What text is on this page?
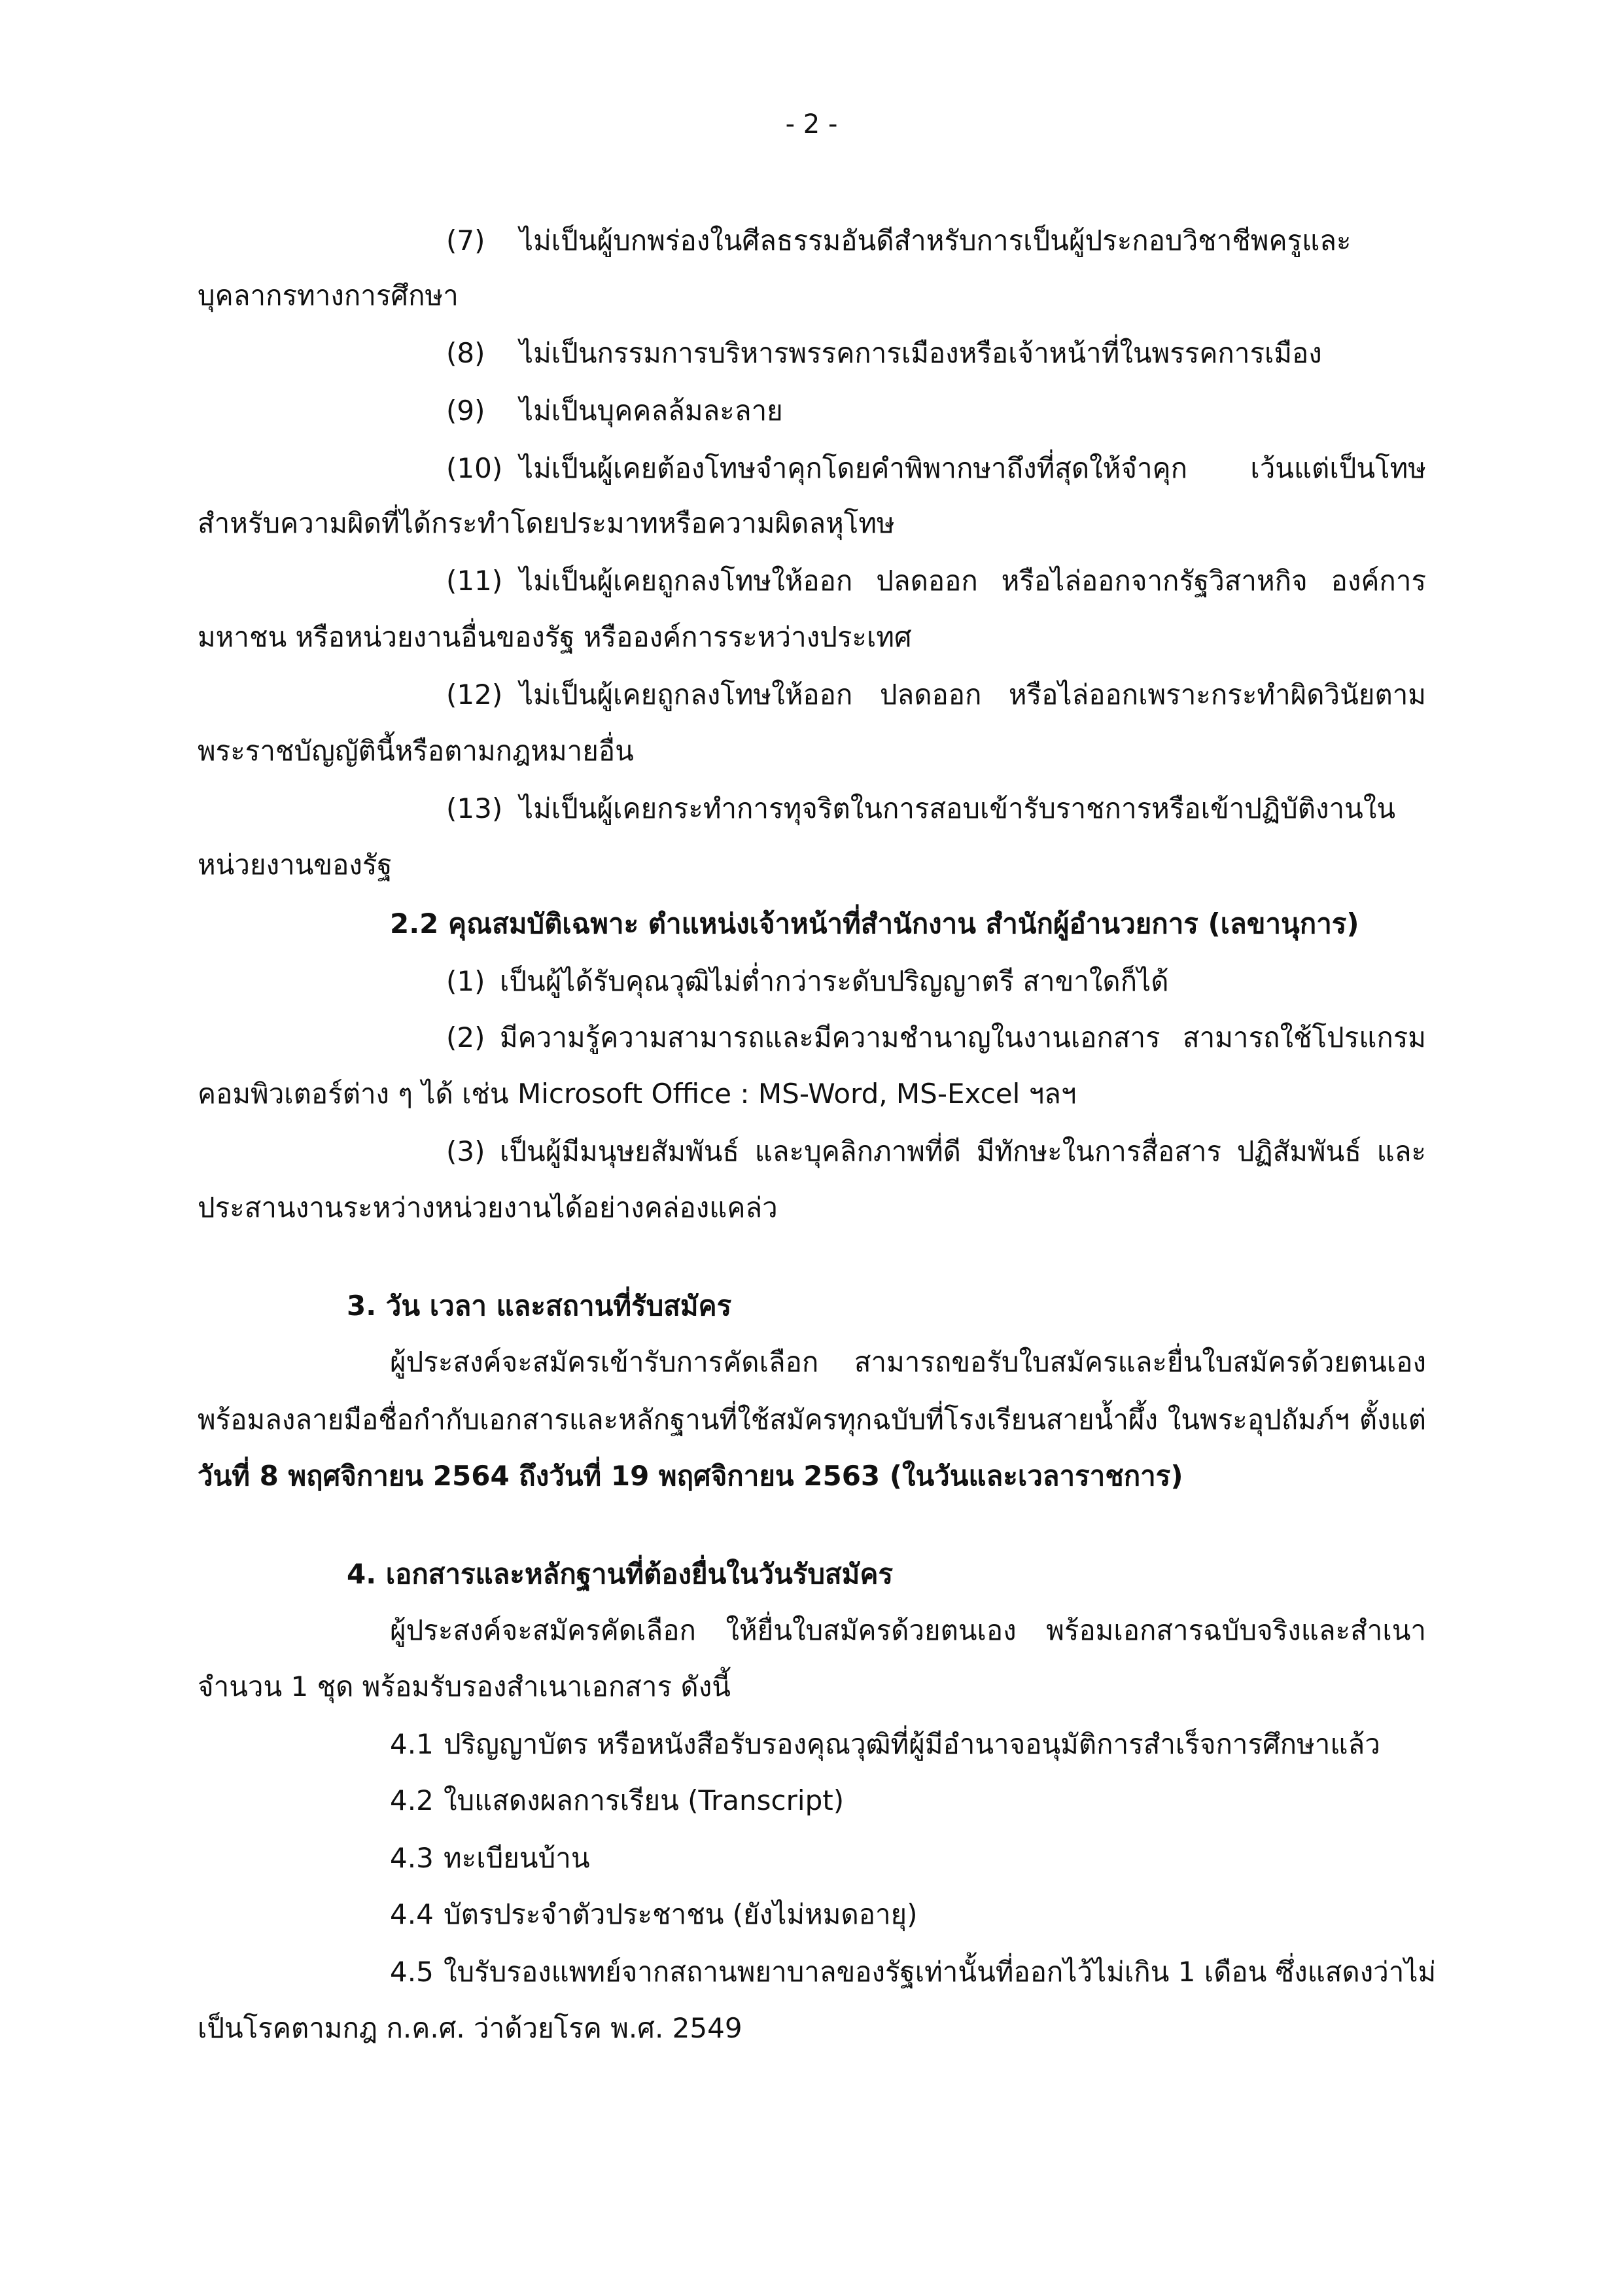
- 2 -
(7) ไม่เป็นผู้บกพร่องในศีลธรรมอันดีสำหรับการเป็นผู้ประกอบวิชาชีพครูและ
บุคลากรทางการศึกษา
(8) ไม่เป็นกรรมการบริหารพรรคการเมืองหรือเจ้าหน้าที่ในพรรคการเมือง
(9) ไม่เป็นบุคคลล้มละลาย
(10) ไม่เป็นผู้เคยต้องโทษจำคุกโดยคำพิพากษาถึงที่สุดให้จำคุก เว้นแต่เป็นโทษ
สำหรับความผิดที่ได้กระทำโดยประมาทหรือความผิดลหุโทษ
(11) ไม่เป็นผู้เคยถูกลงโทษให้ออก ปลดออก หรือไล่ออกจากรัฐวิสาหกิจ องค์การ
มหาชน หรือหน่วยงานอื่นของรัฐ หรือองค์การระหว่างประเทศ
(12) ไม่เป็นผู้เคยถูกลงโทษให้ออก ปลดออก หรือไล่ออกเพราะกระทำผิดวินัยตาม
พระราชบัญญัตินี้หรือตามกฎหมายอื่น
(13) ไม่เป็นผู้เคยกระทำการทุจริตในการสอบเข้ารับราชการหรือเข้าปฏิบัติงานใน
หน่วยงานของรัฐ
2.2 คุณสมบัติเฉพาะ ตำแหน่งเจ้าหน้าที่สำนักงาน สำนักผู้อำนวยการ (เลขานุการ)
(1) เป็นผู้ได้รับคุณวุฒิไม่ต่ำกว่าระดับปริญญาตรี สาขาใดก็ได้
(2) มีความรู้ความสามารถและมีความชำนาญในงานเอกสาร สามารถใช้โปรแกรม
คอมพิวเตอร์ต่าง ๆ ได้ เช่น Microsoft Office : MS-Word, MS-Excel ฯลฯ
(3) เป็นผู้มีมนุษยสัมพันธ์ และบุคลิกภาพที่ดี มีทักษะในการสื่อสาร ปฏิสัมพันธ์ และ
ประสานงานระหว่างหน่วยงานได้อย่างคล่องแคล่ว
3. วัน เวลา และสถานที่รับสมัคร
ผู้ประสงค์จะสมัครเข้ารับการคัดเลือก สามารถขอรับใบสมัครและยื่นใบสมัครด้วยตนเอง
พร้อมลงลายมือชื่อกำกับเอกสารและหลักฐานที่ใช้สมัครทุกฉบับที่โรงเรียนสายน้ำผึ้ง ในพระอุปถัมภ์ฯ ตั้งแต่
วันที่ 8 พฤศจิกายน 2564 ถึงวันที่ 19 พฤศจิกายน 2563 (ในวันและเวลาราชการ)
4. เอกสารและหลักฐานที่ต้องยื่นในวันรับสมัคร
ผู้ประสงค์จะสมัครคัดเลือก ให้ยื่นใบสมัครด้วยตนเอง พร้อมเอกสารฉบับจริงและสำเนา
จำนวน 1 ชุด พร้อมรับรองสำเนาเอกสาร ดังนี้
4.1 ปริญญาบัตร หรือหนังสือรับรองคุณวุฒิที่ผู้มีอำนาจอนุมัติการสำเร็จการศึกษาแล้ว
4.2 ใบแสดงผลการเรียน (Transcript)
4.3 ทะเบียนบ้าน
4.4 บัตรประจำตัวประชาชน (ยังไม่หมดอายุ)
4.5 ใบรับรองแพทย์จากสถานพยาบาลของรัฐเท่านั้นที่ออกไว้ไม่เกิน 1 เดือน ซึ่งแสดงว่าไม่
เป็นโรคตามกฎ ก.ค.ศ. ว่าด้วยโรค พ.ศ. 2549
